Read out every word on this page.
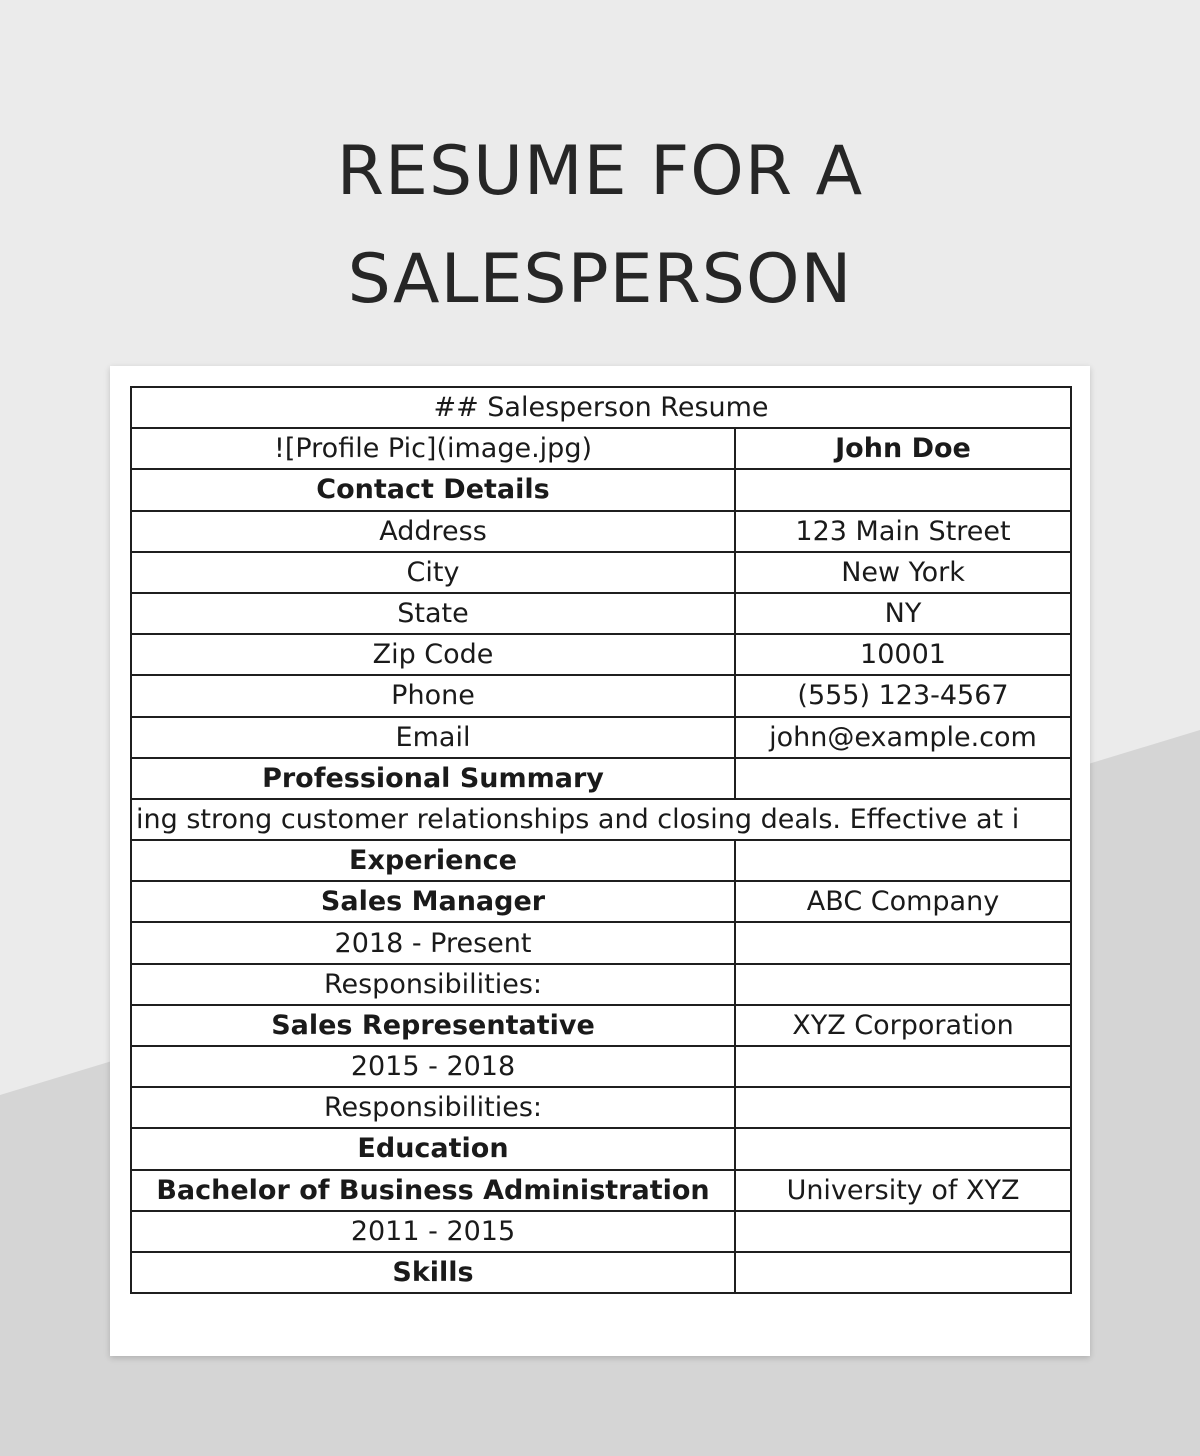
RESUME FOR A
SALESPERSON
## Salesperson Resume	
![Profile Pic](image.jpg)	John Doe
Contact Details	
Address	123 Main Street
City	New York
State	NY
Zip Code	10001
Phone	(555) 123-4567
Email	john@example.com
Professional Summary	
ing strong customer relationships and closing deals. Effective at i	
Experience	
Sales Manager	ABC Company
2018 - Present	
Responsibilities:	
Sales Representative	XYZ Corporation
2015 - 2018	
Responsibilities:	
Education	
Bachelor of Business Administration	University of XYZ
2011 - 2015	
Skills	
